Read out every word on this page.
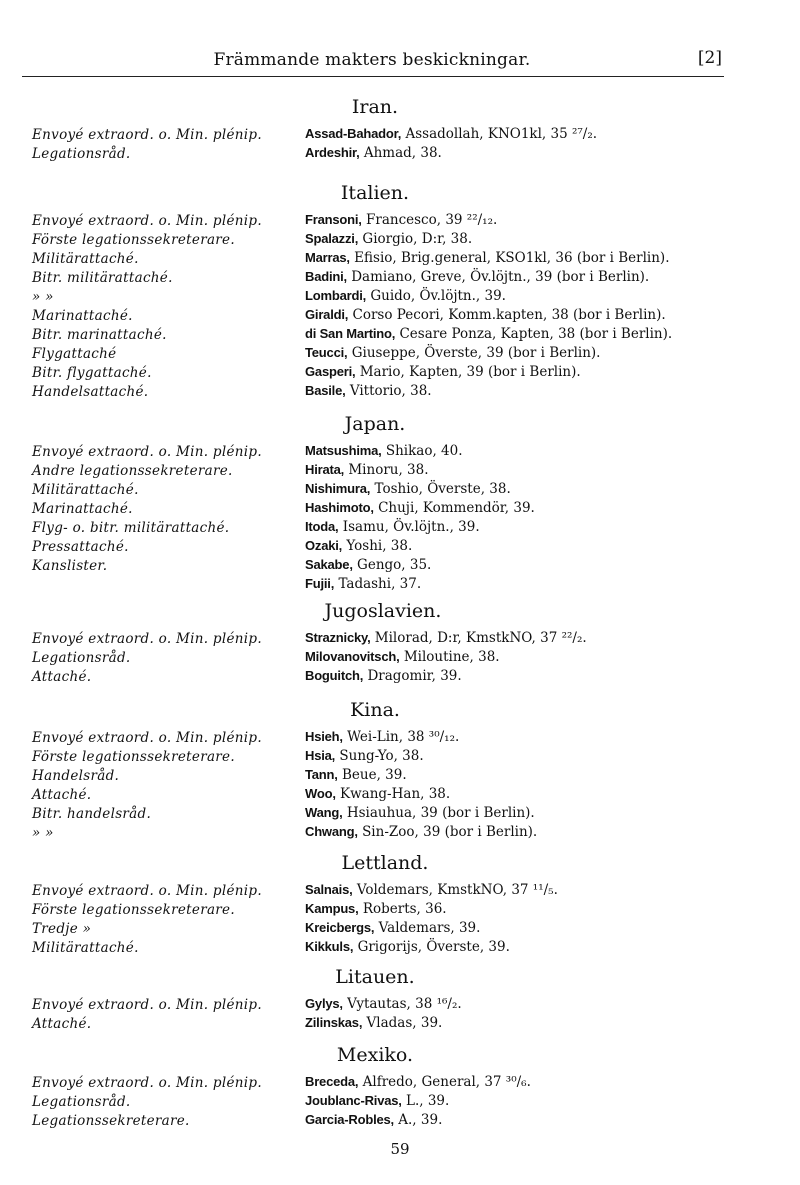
Främmande makters beskickningar.	[2]
Iran.
Envoyé extraord. o. Min. plénip.
Legationsråd.
Assad-Bahador, Assadollah, KNO1kl, 35 ²⁷/₂.
Ardeshir, Ahmad, 38.
Italien.
Envoyé extraord. o. Min. plénip.
Förste legationssekreterare.
Militärattaché.
Bitr. militärattaché.
» »
Marinattaché.
Bitr. marinattaché.
Flygattaché
Bitr. flygattaché.
Handelsattaché.
Fransoni, Francesco, 39 ²²/₁₂.
Spalazzi, Giorgio, D:r, 38.
Marras, Efisio, Brig.general, KSO1kl, 36 (bor i Berlin).
Badini, Damiano, Greve, Öv.löjtn., 39 (bor i Berlin).
Lombardi, Guido, Öv.löjtn., 39.
Giraldi, Corso Pecori, Komm.kapten, 38 (bor i Berlin).
di San Martino, Cesare Ponza, Kapten, 38 (bor i Berlin).
Teucci, Giuseppe, Överste, 39 (bor i Berlin).
Gasperi, Mario, Kapten, 39 (bor i Berlin).
Basile, Vittorio, 38.
Japan.
Envoyé extraord. o. Min. plénip.
Andre legationssekreterare.
Militärattaché.
Marinattaché.
Flyg- o. bitr. militärattaché.
Pressattaché.
Kanslister.
Matsushima, Shikao, 40.
Hirata, Minoru, 38.
Nishimura, Toshio, Överste, 38.
Hashimoto, Chuji, Kommendör, 39.
Itoda, Isamu, Öv.löjtn., 39.
Ozaki, Yoshi, 38.
Sakabe, Gengo, 35.
Fujii, Tadashi, 37.
Jugoslavien.
Envoyé extraord. o. Min. plénip.
Legationsråd.
Attaché.
Straznicky, Milorad, D:r, KmstkNO, 37 ²²/₂.
Milovanovitsch, Miloutine, 38.
Boguitch, Dragomir, 39.
Kina.
Envoyé extraord. o. Min. plénip.
Förste legationssekreterare.
Handelsråd.
Attaché.
Bitr. handelsråd.
» »
Hsieh, Wei-Lin, 38 ³⁰/₁₂.
Hsia, Sung-Yo, 38.
Tann, Beue, 39.
Woo, Kwang-Han, 38.
Wang, Hsiauhua, 39 (bor i Berlin).
Chwang, Sin-Zoo, 39 (bor i Berlin).
Lettland.
Envoyé extraord. o. Min. plénip.
Förste legationssekreterare.
Tredje »
Militärattaché.
Salnais, Voldemars, KmstkNO, 37 ¹¹/₅.
Kampus, Roberts, 36.
Kreicbergs, Valdemars, 39.
Kikkuls, Grigorijs, Överste, 39.
Litauen.
Envoyé extraord. o. Min. plénip.
Attaché.
Gylys, Vytautas, 38 ¹⁶/₂.
Zilinskas, Vladas, 39.
Mexiko.
Envoyé extraord. o. Min. plénip.
Legationsråd.
Legationssekreterare.
Breceda, Alfredo, General, 37 ³⁰/₆.
Joublanc-Rivas, L., 39.
Garcia-Robles, A., 39.
59
